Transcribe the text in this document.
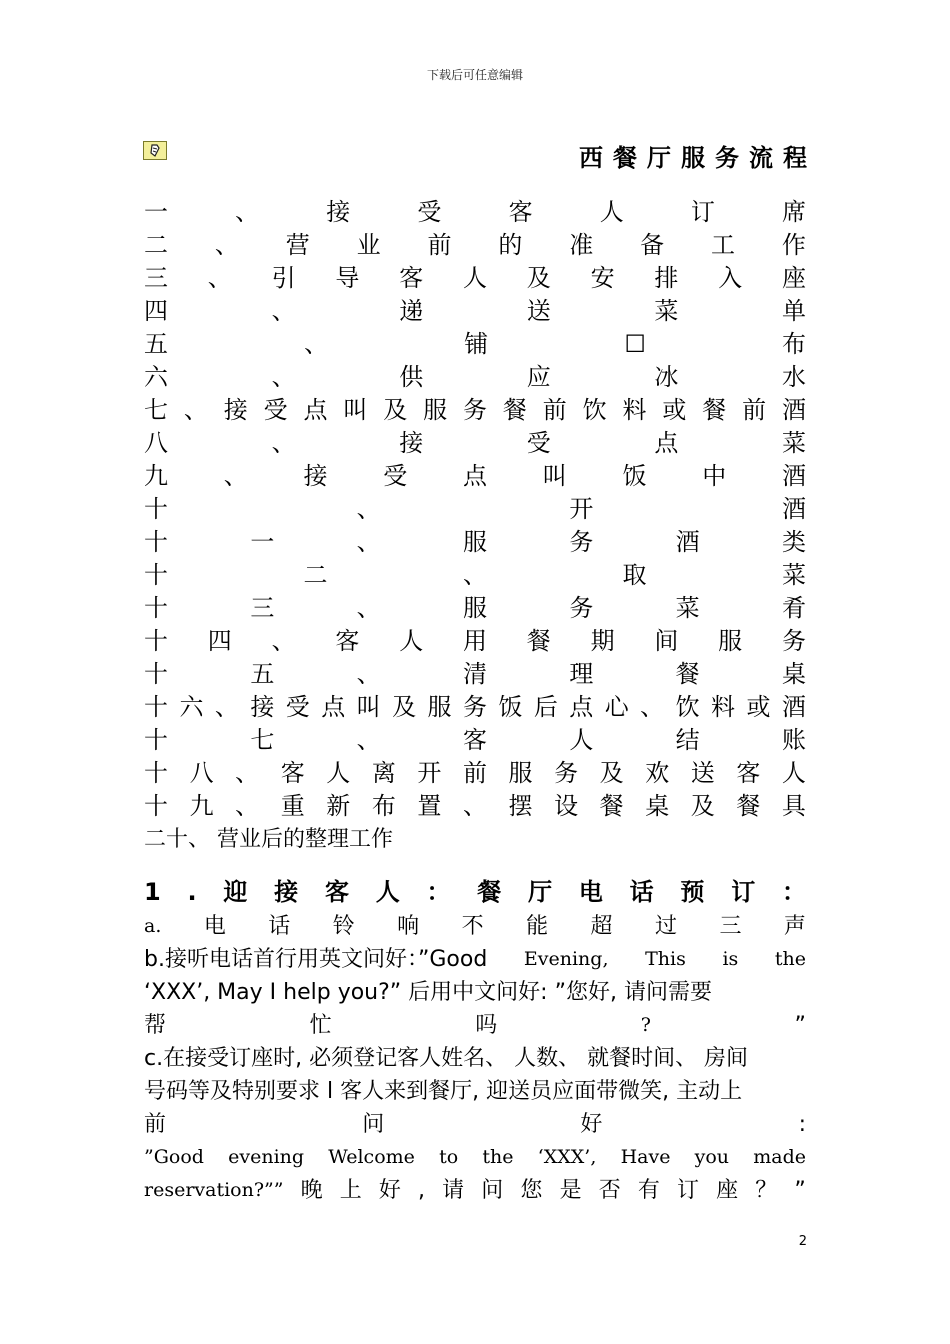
下载后可任意编辑
西餐厅服务流程
一	、	接	受	客	人	订	席
二 、 营 业 前 的 准 备 工 作
三 、 引 导 客 人 及 安 排 入 座
四	、	递	送	菜	单
五	、	铺	☐	布
六	、	供	应	冰	水
七 、 接 受 点 叫 及 服 务 餐 前 饮 料 或 餐 前 酒
八	、	接	受	点	菜
九 、 接 受 点 叫 饭 中 酒
十	、	开	酒
十	一	、	服	务	酒	类
十	二	、	取	菜
十	三	、	服	务	菜	肴
十 四 、 客 人 用 餐 期 间 服 务
十	五	、	清	理	餐	桌
十 六 、 接 受 点 叫 及 服 务 饭 后 点 心 、 饮 料 或 酒
十	七	、	客	人	结	账
十 八 、 客 人 离 开 前 服 务 及 欢 送 客 人
十 九 、 重 新 布 置 、 摆 设 餐 桌 及 餐 具
二十、 营业后的整理工作
1 . 迎 接 客 人 ： 餐 厅 电 话 预 订 ：
a. 电 话 铃 响 不 能 超 过 三 声
b.接听电话首行用英文问好：”Good Evening, This is the
‘XXX’, May I help you?” 后用中文问好: ”您好, 请问需要
帮	忙	吗	?	”
c.在接受订座时, 必须登记客人姓名、 人数、 就餐时间、 房间
号码等及特别要求 l 客人来到餐厅, 迎送员应面带微笑, 主动上
前	问	好	:
”Good evening Welcome to the ‘XXX’, Have you made
reservation?”” 晚 上 好 , 请 问 您 是 否 有 订 座 ？ ”
2
